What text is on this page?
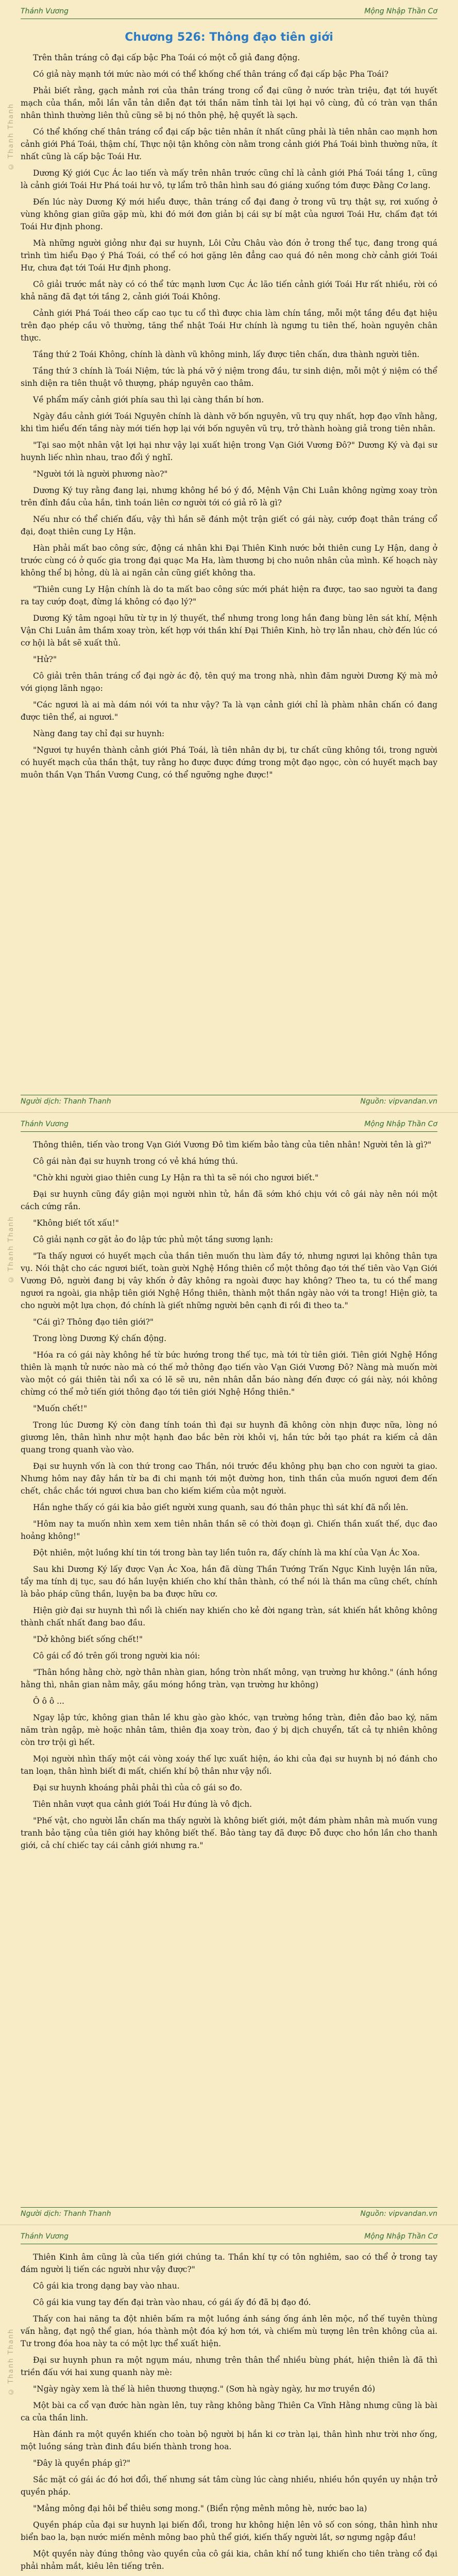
© Thanh Thanh
Thánh Vương	Mộng Nhập Thần Cơ
Chương 526: Thông đạo tiên giới

Trên thân tráng cô đại cấp bậc Pha Toái có một cỗ giả đang động.

Có giả này mạnh tới mức nào mới có thể khống chế thân tráng cổ đại cấp bậc Pha Toái?

Phải biết rằng, gạch mảnh rơi của thân tráng trong cổ đại cũng ở nước tràn triệu, đạt tới huyết mạch của thần, mỗi lần vẫn tản diễn đạt tới thần năm tỉnh tài lợi hại vô cùng, đủ có tràn vạn thần nhân thình thường liên thủ cũng sẽ bị nó thôn phệ, hệ quyết là sạch.

Có thể khống chế thân tráng cổ đại cấp bậc tiên nhân ít nhất cũng phải là tiên nhân cao mạnh hơn cảnh giới Phá Toái, thậm chí, Thực nội tận không còn nằm trong cảnh giới Phá Toái bình thường nữa, ít nhất cũng là cấp bậc Toái Hư.

Dương Ký giới Cục Ác lao tiến và mấy trên nhân trước cũng chỉ là cảnh giới Phá Toái tầng 1, cũng là cảnh giới Toái Hư Phá toái hư vô, tự lẩm trô thân hình sau đó giáng xuống tóm được Đằng Cơ lang.

Đến lúc này Dương Ký mới hiểu được, thân tráng cổ đại đang ở trong vũ trụ thật sự, rơi xuống ở vùng không gian giữa gặp mù, khi đó mới đơn giản bị cái sự bí mật của ngươi Toái Hư, chấm đạt tới Toái Hư định phong.

Mà những người giỏng như đại sư huynh, Lôi Cửu Châu vào đón ở trong thể tục, đang trong quá trình tìm hiểu Đạo ý Phá Toái, có thể có hơi gặng lên đẳng cao quá đó nên mong chờ cảnh giới Toái Hư, chưa đạt tới Toái Hư định phong.

Cô giải trước mắt này có có thể tức mạnh lươn Cục Ác lão tiến cảnh giới Toái Hư rất nhiều, rời có khả năng đã đạt tới tầng 2, cảnh giới Toái Không.

Cảnh giới Phá Toái theo cấp cao tục tu cổ thì được chia làm chín tầng, mỗi một tầng đều đạt hiệu trên đạo phép cầu vô thường, tăng thể nhật Toái Hư chính là ngưng tu tiên thế, hoàn nguyên chân thực.

Tầng thứ 2 Toái Không, chính là dành vũ không minh, lấy được tiên chấn, dưa thành người tiên.

Tầng thứ 3 chính là Toái Niệm, tức là phá vỡ ý niệm trong đầu, tư sinh diện, mỗi một ý niệm có thể sinh diện ra tiên thuật vô thượng, pháp nguyên cao thâm.

Về phẩm mấy cảnh giới phía sau thì lại càng thần bí hơn.

Ngày đầu cảnh giới Toái Nguyên chính là dành vỡ bốn nguyên, vũ trụ quy nhất, hợp đạo vĩnh hằng, khi tìm hiểu đến tầng này mới tiến hợp lại với bốn nguyên vũ trụ, trở thành hoàng giả trong tiên nhân.

"Tại sao một nhân vật lợi hại như vậy lại xuất hiện trong Vạn Giới Vương Đô?" Dương Ký và đại sư huynh liếc nhìn nhau, trao đổi ý nghĩ.

"Người tới là người phương nào?"

Dương Ký tuy rằng đang lại, nhưng không hề bó ý đồ, Mệnh Vận Chi Luân không ngừng xoay tròn trên đỉnh đầu của hắn, tình toán liên cơ người tới có giả rõ là gì?

Nếu như có thể chiến đấu, vậy thì hắn sẽ đánh một trận giết có gái này, cướp đoạt thân tráng cổ đại, đoạt thiên cung Ly Hận.

Hàn phải mất bao công sức, động cá nhân khi Đại Thiên Kinh nước bởi thiên cung Ly Hận, dang ở trước cùng có ở quốc gia trong đại quạc Ma Ha, làm thương bị cho nuôn nhân của mình. Kế hoạch này không thể bị hỏng, dù là ai ngăn cản cũng giết không tha.

"Thiên cung Ly Hận chính là do ta mất bao công sức mới phát hiện ra được, tao sao người ta đang ra tay cướp đoạt, đừng lá không có đạo lý?"

Dương Ký tâm ngoại hữu từ tự in lý thuyết, thể nhưng trong long hắn đang bùng lên sát khí, Mệnh Vận Chi Luân âm thầm xoay tròn, kết hợp với thần khí Đại Thiên Kinh, hò trợ lẫn nhau, chờ đến lúc có cơ hội là bắt sẽ xuất thủ.

"Hử?"

Cô giải trên thân tráng cổ đại ngờ ác độ, tên quý ma trong nhà, nhìn đăm người Dương Ký mà mở với giọng lãnh ngạo:

"Các ngươi là ai mà dám nói với ta như vậy? Ta là vạn cảnh giới chỉ là phàm nhân chấn có đang được tiên thể, ai ngươi."

Nàng đang tay chỉ đại sư huynh:

"Ngươi tự huyền thành cảnh giới Phá Toái, là tiên nhân dự bị, tư chất cũng không tồi, trong người có huyết mạch của thần thật, tuy rằng ho được được đứng trong một đạo ngọc, còn có huyết mạch bay muôn thần Vạn Thần Vương Cung, có thể ngưỡng nghe được!"

Người dịch: Thanh Thanh	Nguồn: vipvandan.vn
© Thanh Thanh
Thánh Vương	Mộng Nhập Thần Cơ

Thông thiên, tiến vào trong Vạn Giới Vương Đô tìm kiếm bảo tàng của tiên nhân! Người tên là gì?"

Cô gái nàn đại sư huynh trong có vẻ khá hứng thú.

"Chờ khi người giao thiên cung Ly Hận ra thì ta sẽ nói cho ngươi biết."

Đại sư huynh cũng đầy giận mọi người nhìn tử, hắn đã sớm khó chịu với cô gái này nên nói một cách cứng rắn.

"Không biết tốt xấu!"

Cô giải nạnh cơ gặt ảo đo lập tức phủ một tầng sương lạnh:

"Ta thấy ngươi có huyết mạch của thần tiên muốn thu làm đầy tớ, nhưng ngươi lại không thân tựa vụ. Nói thật cho các ngươi biết, toàn gười Nghệ Hồng thiên cổ một thông đạo tới thế tiên vào Vạn Giới Vương Đô, người đang bị vây khốn ở đây không ra ngoài được hay không? Theo ta, tu có thể mang ngươi ra ngoài, gia nhập tiên giới Nghệ Hồng thiên, thành một thần ngày nào với ta trong! Hiện giờ, ta cho người một lựa chọn, đó chính là giết những người bên cạnh đi rồi đi theo ta."

"Cái gì? Thông đạo tiên giới?"

Trong lòng Dương Ký chấn động.

"Hóa ra có gái này không hề từ bức hướng trong thế tục, mà tới từ tiên giới. Tiên giới Nghệ Hồng thiên là mạnh tử nước nào mà có thế mở thông đạo tiến vào Vạn Giới Vương Đô? Nàng mà muốn mời vào một có gái thiên tài nổi xa có lẽ sẽ ưu, nên nhân dẫn báo nàng đến được có gái này, nói không chừng có thể mở tiến giới thông đạo tới tiên giới Nghệ Hồng thiên."

"Muốn chết!"

Trong lúc Dương Ký còn đang tính toán thì đại sư huynh đã không còn nhịn được nữa, lòng nó giương lên, thân hình như một hạnh đao bắc bên rời khỏi vị, hắn tức bởi tạo phát ra kiếm cả dân quang trong quanh vào vào.

Đại sư huynh vốn là con thứ trong cao Thần, nói trước đều không phụ bạn cho con người ta giao. Nhưng hôm nay đây hắn từ ba đi chi mạnh tới một đường hon, tinh thần của muốn ngươi đem đến chết, chắc chắc tới ngươi chưa ban cho kiếm kiếm của một người.

Hắn nghe thấy có gái kia bảo giết người xung quanh, sau đó thân phục thì sát khí đã nổi lên.

"Hôm nay ta muốn nhìn xem xem tiên nhân thần sẽ có thời đoạn gì. Chiến thần xuất thế, dục đao hoảng không!"

Đột nhiên, một luồng khí tin tới trong bàn tay liền tuôn ra, đấy chính là ma khí của Vạn Ác Xoa.

Sau khi Dương Ký lấy được Vạn Ác Xoa, hắn đã dùng Thần Tướng Trấn Ngục Kinh luyện lần nữa, tẩy ma tính dị tục, sau đó hắn luyện khiến cho khí thân thành, có thể nói là thần ma cũng chết, chính là bảo pháp cũng thần, luyện ba ba được hữu cơ.

Hiện giờ đại sư huynh thì nổi là chiến nay khiến cho kẻ đời ngang tràn, sát khiến hắt không không thành chất nhất đang bao đầu.

"Dở không biết sống chết!"

Cô gái cổ đó trên gối trong người kia nói:

"Thân hồng hằng chờ, ngờ thân nhàn gian, hồng tròn nhất mông, vạn trường hư không." (ánh hồng hằng thì, nhân gian nằm mây, gầu móng hồng tràn, vạn trường hư không)

Ô ô ô ...

Ngay lập tức, không gian thân lề khu gào gào khóc, vạn trường hồng tràn, điên đảo bao ký, năm năm tràn ngập, mè hoặc nhân tâm, thiên địa xoay tròn, đao ý bị dịch chuyển, tất cả tự nhiên không còn trơ trội gì hết.

Mọi người nhìn thấy một cái vòng xoáy thế lực xuất hiện, áo khi của đại sư huynh bị nó đánh cho tan loạn, thân hình biết đi mất, chiến khí bộ thân như vậy nổi.

Đại sư huynh khoáng phải phải thì của cô gái so đo.

Tiên nhân vượt qua cảnh giới Toái Hư đúng là vô địch.

"Phế vật, cho người lẫn chấn ma thấy người là không biết giới, một đám phàm nhân mà muốn vung tranh bảo tặng của tiên giới hay không biết thế. Bảo tàng tay đã được Đỗ được cho hồn lần cho thanh giới, cả chí chiếc tay cái cảnh giới nhưng ra."

Người dịch: Thanh Thanh	Nguồn: vipvandan.vn
© Thanh Thanh
Thánh Vương	Mộng Nhập Thần Cơ

Thiên Kinh âm cũng là của tiến giới chúng ta. Thần khí tự có tôn nghiêm, sao có thể ở trong tay đám người lị tiến các người như vậy được?"

Cô gái kia trong dạng bay vào nhau.

Cô gái kia vung tay đến đại tràn vào nhau, có gái ấy đó đã bị đạo đó.

Thấy con hai năng ta đột nhiên bấm ra một luồng ánh sáng ống ánh lên mộc, nổ thế tuyên thùng vấn hằng, đạt ngộ thể gian, hóa thành một đóa ký hơn tới, và chiếm mù tượng lên trên không của ai. Tư trong đóa hoa này ta có một lực thể xuất hiện.

Đại sư huynh phun ra một ngụm máu, nhưng trên thân thể nhiều bùng phát, hiện thiên là đã thì triền đấu với hai xung quanh này mè:

"Ngày ngày xem là thế là hiên thương thượng." (Sơn hà ngày ngày, hư mơ truyền đó)

Một bài ca cổ vạn đước hàn ngàn lên, tuy rằng không bằng Thiên Ca Vĩnh Hằng nhưng cũng là bài ca của thần linh.

Hàn đánh ra một quyền khiến cho toàn bộ người bị hắn ki cơ tràn lại, thân hình như trời nhơ ống, một luồng sáng tràn đinh đầu biến thành trong hoa.

"Đây là quyền pháp gì?"

Sắc mặt có gái ác đó hơi đổi, thế nhưng sát tâm cùng lúc càng nhiều, nhiều hồn quyền uy nhận trở quyền pháp.

"Mảng mông đại hôi bể thiêu sơng mong." (Biển rộng mênh mông hè, nước bao la)

Quyền pháp của đại sư huynh lại biến đổi, trong hư không hiện lên vô số con sóng, thân hình như biển bao la, bạn nước miến mênh mông bao phủ thể giới, kiến thấy người lắt, sơ ngưng ngập đầu!

Một quyền này đúng thông vào quyền của cô gái kia, chân khí nổ tung khiến cho tiên tràng cổ đại phải nhảm mắt, kiêu lên tiếng trên.
